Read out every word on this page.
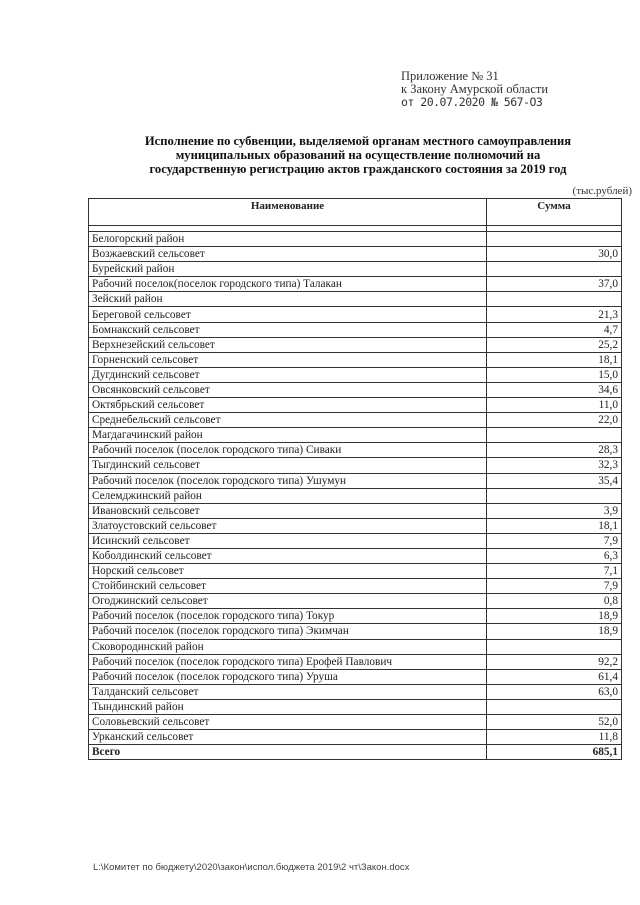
Приложение № 31
к Закону Амурской области
от 20.07.2020 № 567-ОЗ
Исполнение по субвенции, выделяемой органам местного самоуправления
муниципальных образований на осуществление полномочий на
государственную регистрацию актов гражданского состояния за 2019 год
(тыс.рублей)
Наименование	Сумма

Белогорский район	
Возжаевский сельсовет	30,0
Бурейский район	
Рабочий поселок(поселок городского типа) Талакан	37,0
Зейский район	
Береговой сельсовет	21,3
Бомнакский сельсовет	4,7
Верхнезейский сельсовет	25,2
Горненский сельсовет	18,1
Дугдинский сельсовет	15,0
Овсянковский сельсовет	34,6
Октябрьский сельсовет	11,0
Среднебельский сельсовет	22,0
Магдагачинский район	
Рабочий поселок (поселок городского типа) Сиваки	28,3
Тыгдинский сельсовет	32,3
Рабочий поселок (поселок городского типа) Ушумун	35,4
Селемджинский район	
Ивановский сельсовет	3,9
Златоустовский сельсовет	18,1
Исинский сельсовет	7,9
Коболдинский сельсовет	6,3
Норский сельсовет	7,1
Стойбинский сельсовет	7,9
Огоджинский сельсовет	0,8
Рабочий поселок (поселок городского типа) Токур	18,9
Рабочий поселок (поселок городского типа) Экимчан	18,9
Сковородинский район	
Рабочий поселок (поселок городского типа) Ерофей Павлович	92,2
Рабочий поселок (поселок городского типа) Уруша	61,4
Талданский сельсовет	63,0
Тындинский район	
Соловьевский сельсовет	52,0
Урканский сельсовет	11,8
Всего	685,1
L:\Комитет по бюджету\2020\закон\испол.бюджета 2019\2 чт\Закон.docx
